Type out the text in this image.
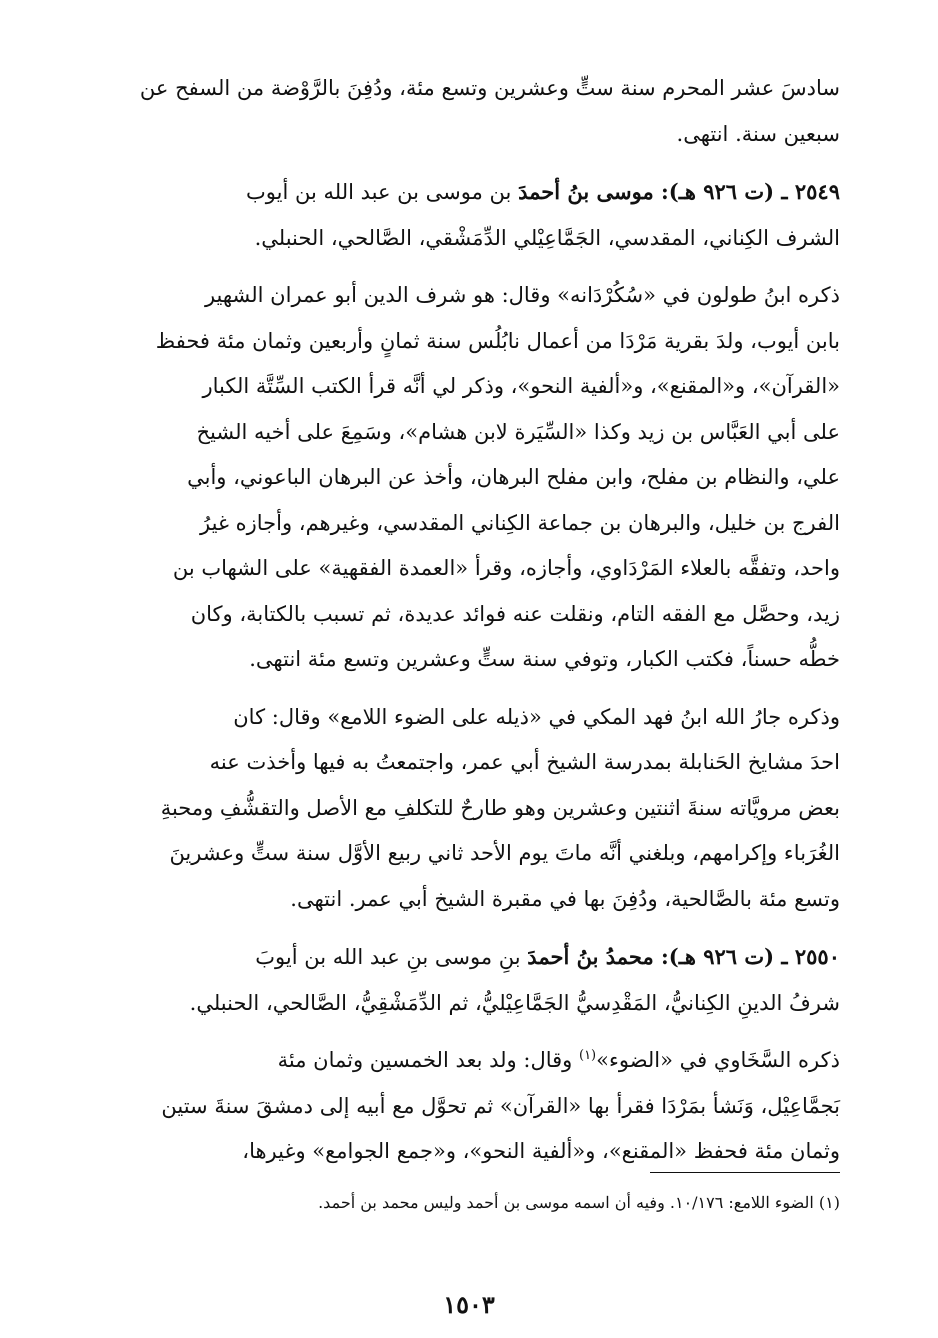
سادسَ عشر المحرم سنة ستٍّ وعشرين وتسع مئة، ودُفِنَ بالرَّوْضة من السفح عن
سبعين سنة. انتهى.

٢٥٤٩ ـ (ت ٩٢٦ هـ): موسى بنُ أحمدَ بن موسى بن عبد الله بن أيوب
الشرف الكِناني، المقدسي، الجَمَّاعِيْلي الدِّمَشْقي، الصَّالحي، الحنبلي.

ذكره ابنُ طولون في «سُكُرْدَانه» وقال: هو شرف الدين أبو عمران الشهير
بابن أيوب، ولدَ بقرية مَرْدَا من أعمال نابُلُس سنة ثمانٍ وأربعين وثمان مئة فحفظ
«القرآن»، و«المقنع»، و«ألفية النحو»، وذكر لي أنَّه قرأ الكتب السِّتَّة الكبار
على أبي العَبَّاس بن زيد وكذا «السِّيَرة لابن هشام»، وسَمِعَ على أخيه الشيخ
علي، والنظام بن مفلح، وابن مفلح البرهان، وأخذ عن البرهان الباعوني، وأبي
الفرج بن خليل، والبرهان بن جماعة الكِناني المقدسي، وغيرهم، وأجازه غيرُ
واحد، وتفقَّه بالعلاء المَرْدَاوي، وأجازه، وقرأ «العمدة الفقهية» على الشهاب بن
زيد، وحصَّل مع الفقه التام، ونقلت عنه فوائد عديدة، ثم تسبب بالكتابة، وكان
خطُّه حسناً، فكتب الكبار، وتوفي سنة ستٍّ وعشرين وتسع مئة انتهى.

وذكره جارُ الله ابنُ فهد المكي في «ذيله على الضوء اللامع» وقال: كان
احدَ مشايخ الحَنابلة بمدرسة الشيخ أبي عمر، واجتمعتُ به فيها وأخذت عنه
بعض مرويَّاته سنةَ اثنتين وعشرين وهو طارحٌ للتكلفِ مع الأصل والتقشُّفِ ومحبةِ
الغُرَباء وإكرامهم، وبلغني أنَّه ماتَ يوم الأحد ثاني ربيع الأوَّل سنة ستٍّ وعشرينَ
وتسع مئة بالصَّالحية، ودُفِنَ بها في مقبرة الشيخ أبي عمر. انتهى.

٢٥٥٠ ـ (ت ٩٢٦ هـ): محمدُ بنُ أحمدَ بنِ موسى بنِ عبد الله بن أيوبَ
شرفُ الدينِ الكِنانيُّ، المَقْدِسيُّ الجَمَّاعِيْليُّ، ثم الدِّمَشْقِيُّ، الصَّالحي، الحنبلي.

ذكره السَّخَاوي في «الضوء»$^{(١)}$ وقال: ولد بعد الخمسين وثمان مئة
بَجمَّاعِيْل، وَنَشأ بمَرْدَا فقرأ بها «القرآن» ثم تحوَّل مع أبيه إلى دمشقَ سنةَ ستين
وثمان مئة فحفظ «المقنع»، و«ألفية النحو»، و«جمع الجوامع» وغيرها،

(١) الضوء اللامع: ١٠/١٧٦. وفيه أن اسمه موسى بن أحمد وليس محمد بن أحمد.
١٥٠٣
